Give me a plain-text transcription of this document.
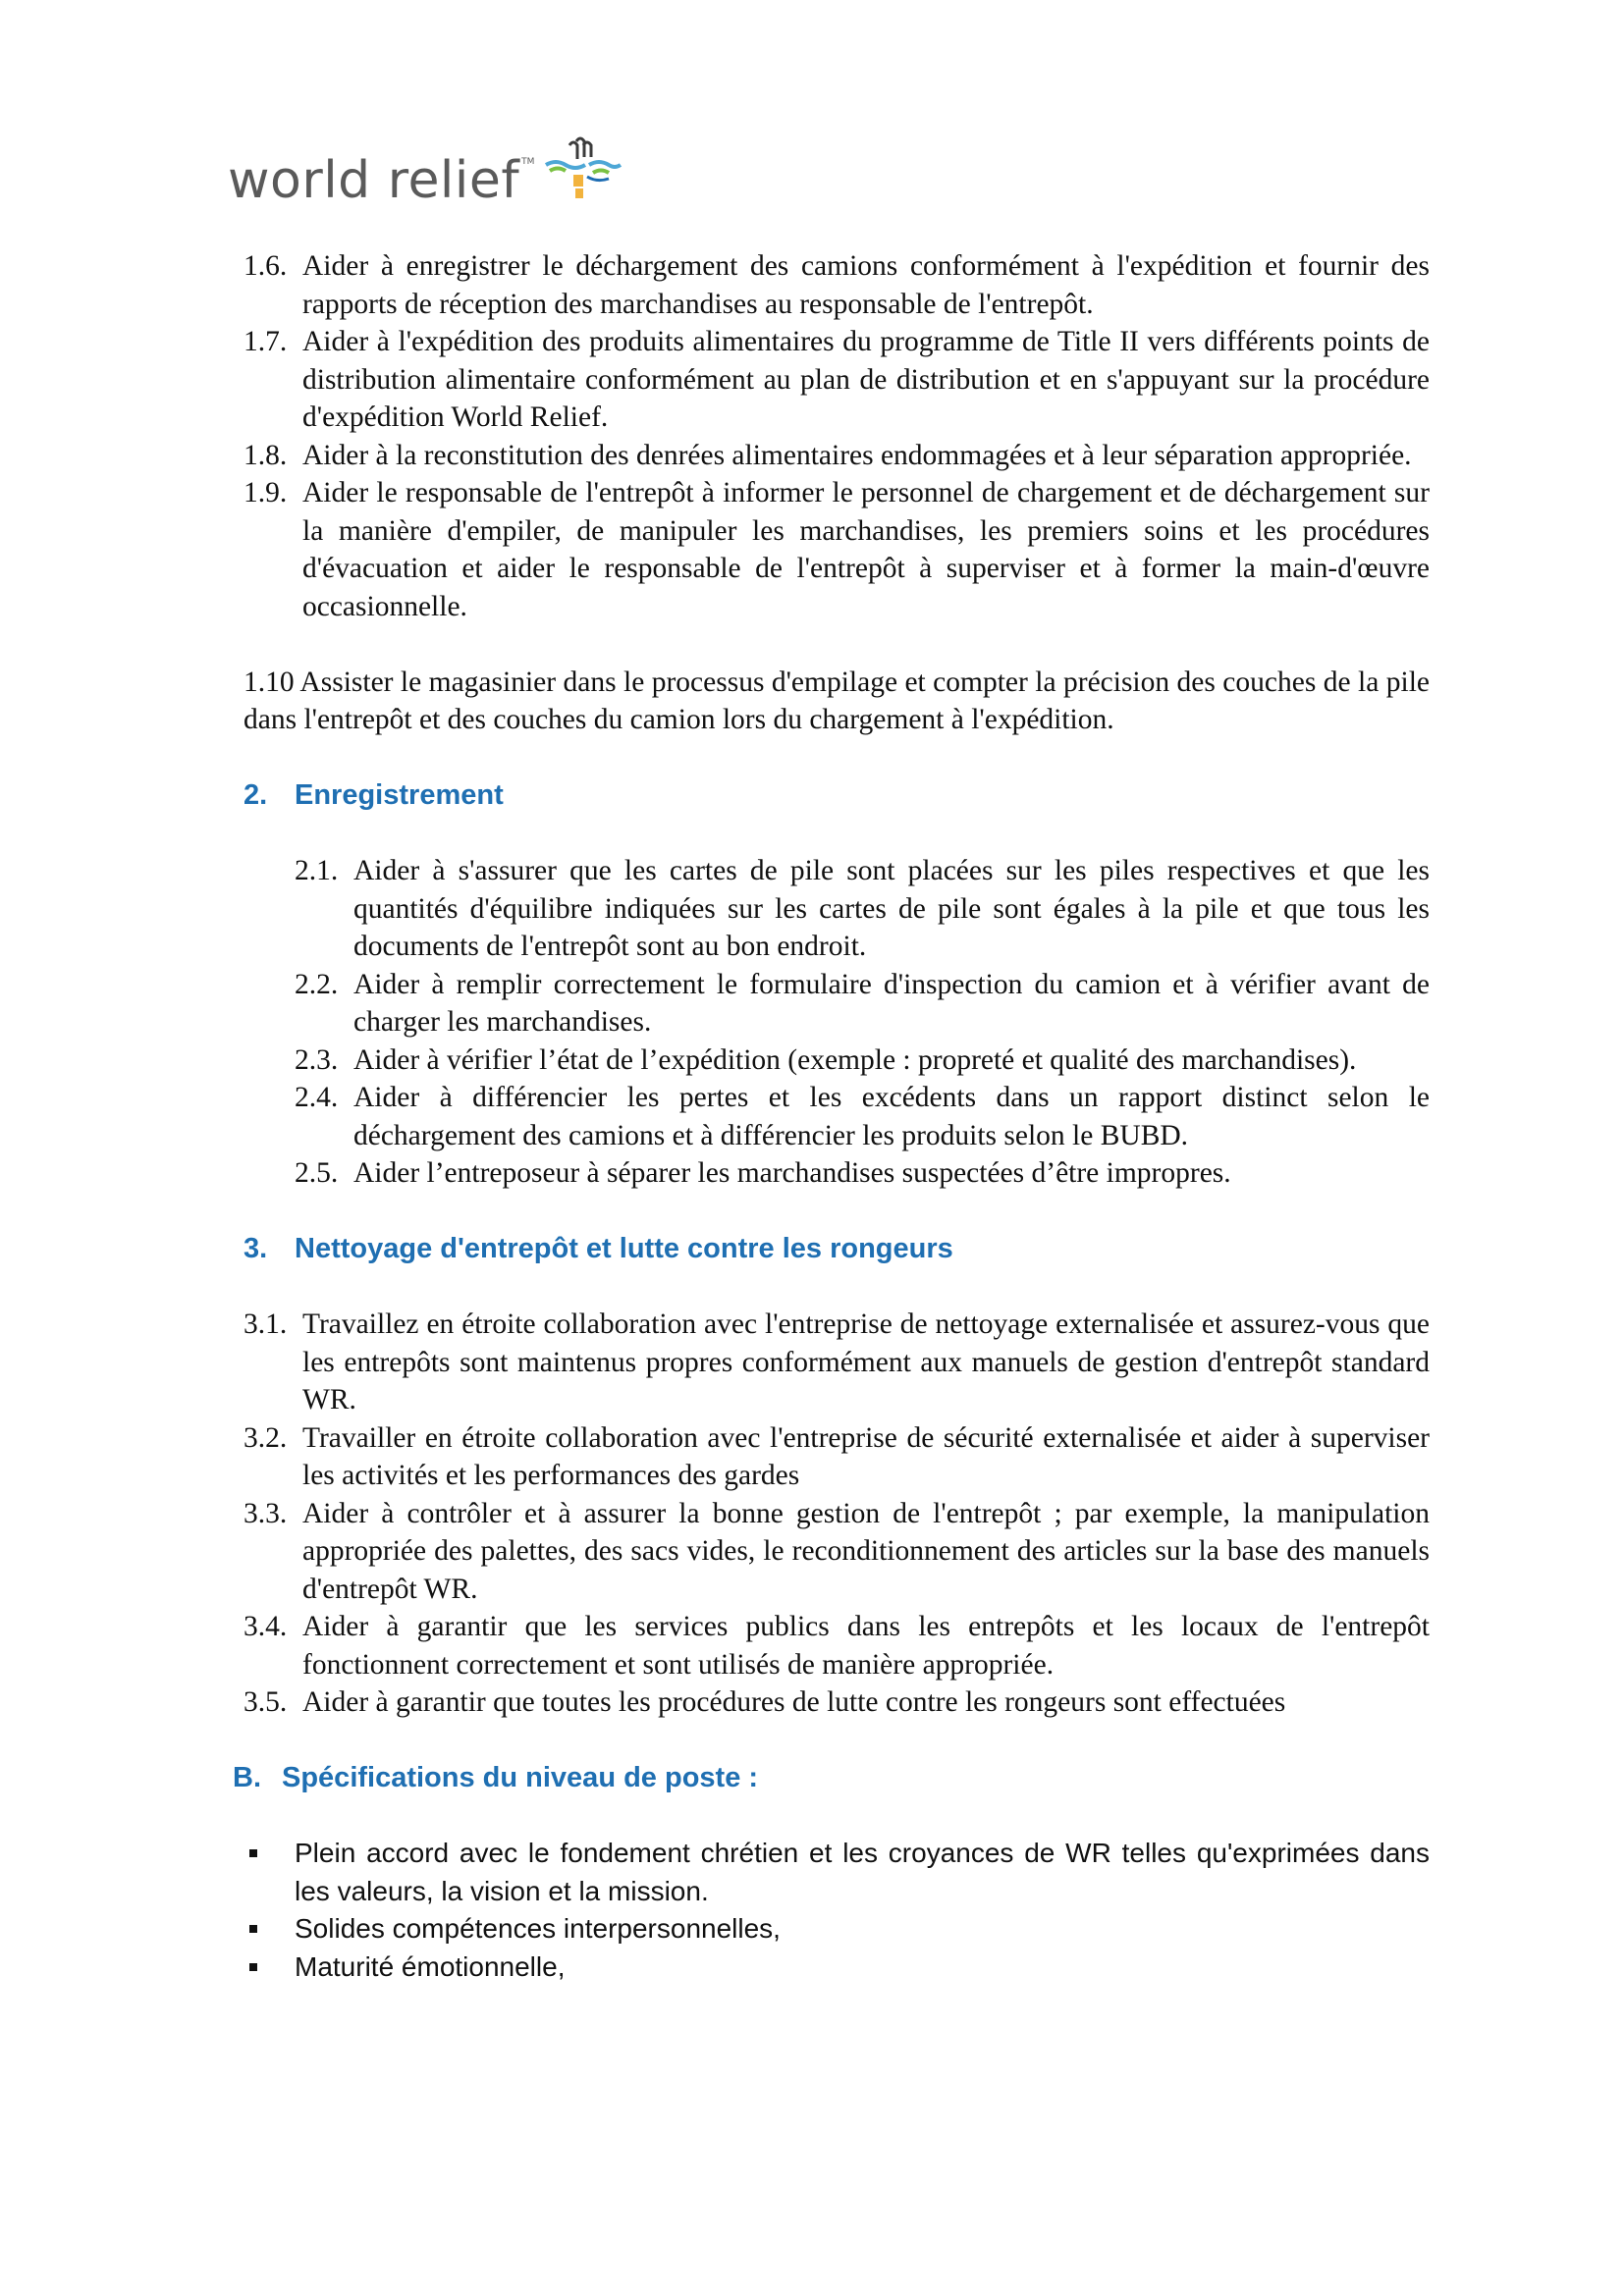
world relief TM
1.6. Aider à enregistrer le déchargement des camions conformément à l'expédition et fournir des rapports de réception des marchandises au responsable de l'entrepôt.
1.7. Aider à l'expédition des produits alimentaires du programme de Title II vers différents points de distribution alimentaire conformément au plan de distribution et en s'appuyant sur la procédure d'expédition World Relief.
1.8. Aider à la reconstitution des denrées alimentaires endommagées et à leur séparation appropriée.
1.9. Aider le responsable de l'entrepôt à informer le personnel de chargement et de déchargement sur la manière d'empiler, de manipuler les marchandises, les premiers soins et les procédures d'évacuation et aider le responsable de l'entrepôt à superviser et à former la main-d'œuvre occasionnelle.
1.10 Assister le magasinier dans le processus d'empilage et compter la précision des couches de la pile dans l'entrepôt et des couches du camion lors du chargement à l'expédition.
2. Enregistrement
2.1. Aider à s'assurer que les cartes de pile sont placées sur les piles respectives et que les quantités d'équilibre indiquées sur les cartes de pile sont égales à la pile et que tous les documents de l'entrepôt sont au bon endroit.
2.2. Aider à remplir correctement le formulaire d'inspection du camion et à vérifier avant de charger les marchandises.
2.3. Aider à vérifier l’état de l’expédition (exemple : propreté et qualité des marchandises).
2.4. Aider à différencier les pertes et les excédents dans un rapport distinct selon le déchargement des camions et à différencier les produits selon le BUBD.
2.5. Aider l’entreposeur à séparer les marchandises suspectées d’être impropres.
3. Nettoyage d'entrepôt et lutte contre les rongeurs
3.1. Travaillez en étroite collaboration avec l'entreprise de nettoyage externalisée et assurez-vous que les entrepôts sont maintenus propres conformément aux manuels de gestion d'entrepôt standard WR.
3.2. Travailler en étroite collaboration avec l'entreprise de sécurité externalisée et aider à superviser les activités et les performances des gardes
3.3. Aider à contrôler et à assurer la bonne gestion de l'entrepôt ; par exemple, la manipulation appropriée des palettes, des sacs vides, le reconditionnement des articles sur la base des manuels d'entrepôt WR.
3.4. Aider à garantir que les services publics dans les entrepôts et les locaux de l'entrepôt fonctionnent correctement et sont utilisés de manière appropriée.
3.5. Aider à garantir que toutes les procédures de lutte contre les rongeurs sont effectuées
B. Spécifications du niveau de poste :
Plein accord avec le fondement chrétien et les croyances de WR telles qu'exprimées dans les valeurs, la vision et la mission.
Solides compétences interpersonnelles,
Maturité émotionnelle,
